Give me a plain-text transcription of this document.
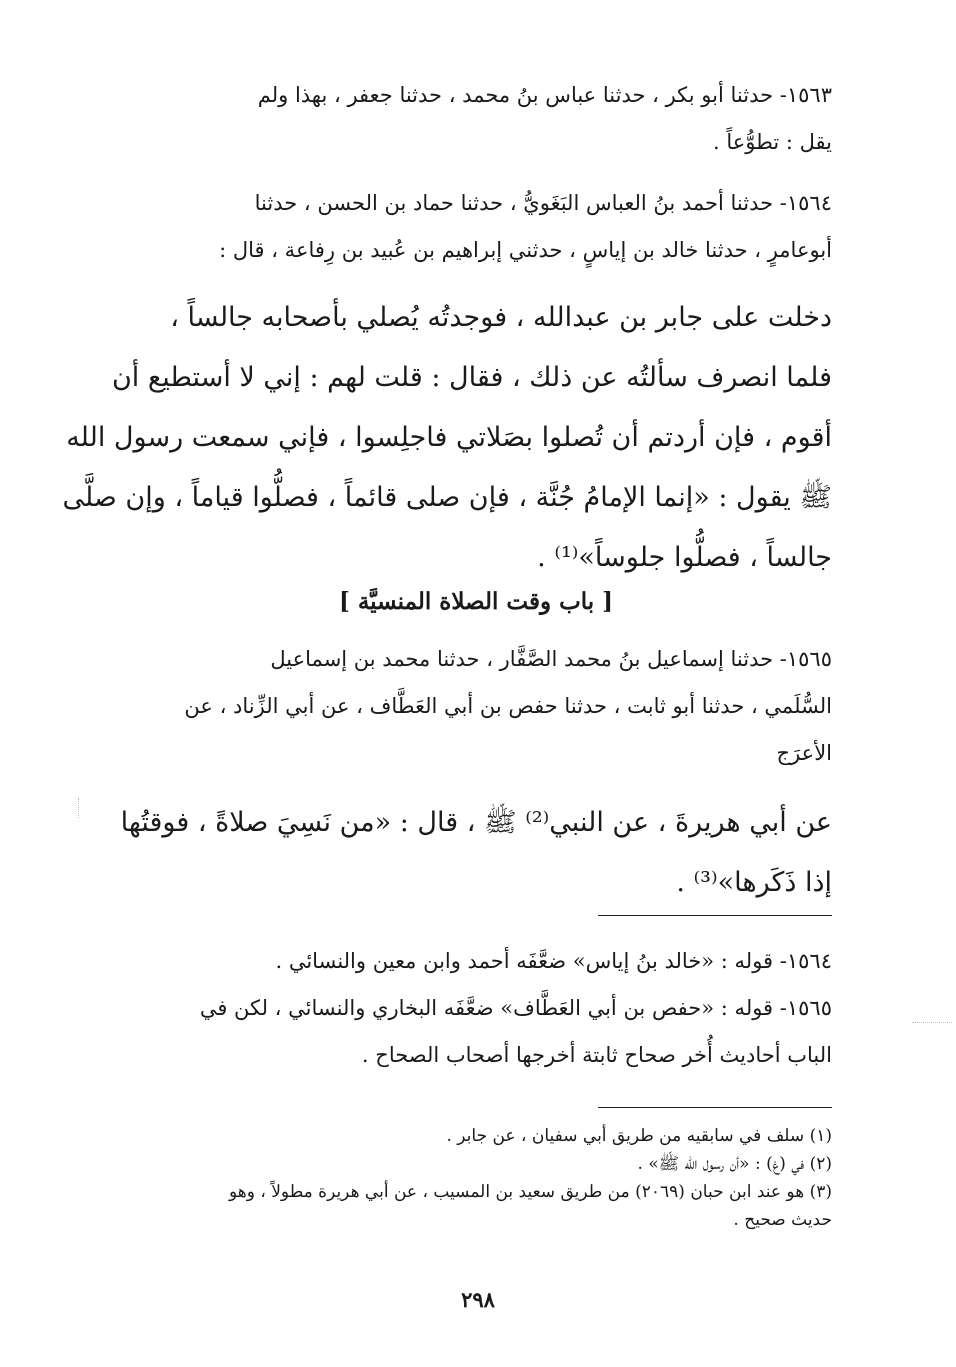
١٥٦٣- حدثنا أبو بكر ، حدثنا عباس بنُ محمد ، حدثنا جعفر ، بهذا ولم
يقل : تطوُّعاً .
١٥٦٤- حدثنا أحمد بنُ العباس البَغَويُّ ، حدثنا حماد بن الحسن ، حدثنا
أبوعامرٍ ، حدثنا خالد بن إياسٍ ، حدثني إبراهيم بن عُبيد بن رِفاعة ، قال :
دخلت على جابر بن عبدالله ، فوجدتُه يُصلي بأصحابه جالساً ،
فلما انصرف سألتُه عن ذلك ، فقال : قلت لهم : إني لا أستطيع أن
أقوم ، فإن أردتم أن تُصلوا بصَلاتي فاجلِسوا ، فإني سمعت رسول الله
ﷺ يقول : «إنما الإمامُ جُنَّة ، فإن صلى قائماً ، فصلُّوا قياماً ، وإن صلَّى
جالساً ، فصلُّوا جلوساً»⁽¹⁾ .
[ باب وقت الصلاة المنسيَّة ]
١٥٦٥- حدثنا إسماعيل بنُ محمد الصَّفَّار ، حدثنا محمد بن إسماعيل
السُّلَمي ، حدثنا أبو ثابت ، حدثنا حفص بن أبي العَطَّاف ، عن أبي الزِّناد ، عن
الأعرَج
عن أبي هريرةَ ، عن النبي⁽²⁾ ﷺ ، قال : «من نَسِيَ صلاةً ، فوقتُها
إذا ذَكَرها»⁽³⁾ .
١٥٦٤- قوله : «خالد بنُ إياس» ضعَّفَه أحمد وابن معين والنسائي .
١٥٦٥- قوله : «حفص بن أبي العَطَّاف» ضعَّفَه البخاري والنسائي ، لكن في
الباب أحاديث أُخر صحاح ثابتة أخرجها أصحاب الصحاح .
(١) سلف في سابقيه من طريق أبي سفيان ، عن جابر .
(٢) في (غ) : «أن رسول الله ﷺ» .
(٣) هو عند ابن حبان (٢٠٦٩) من طريق سعيد بن المسيب ، عن أبي هريرة مطولاً ، وهو
حديث صحيح .
٢٩٨
